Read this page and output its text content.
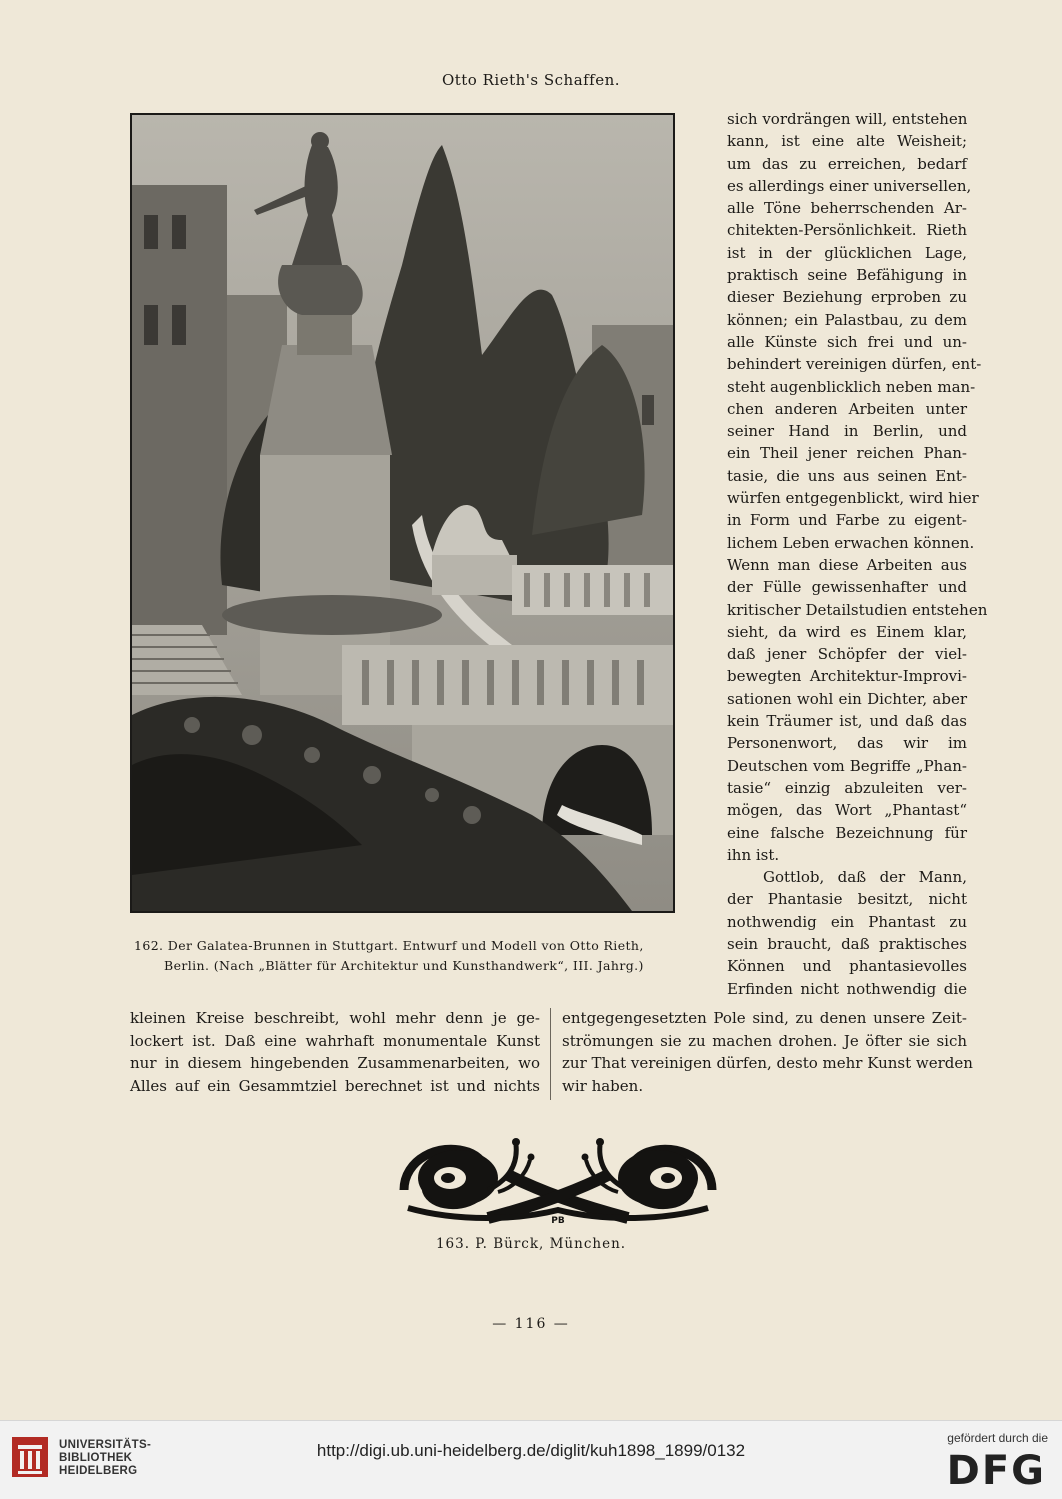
Otto Rieth's Schaffen.
162. Der Galatea-Brunnen in Stuttgart. Entwurf und Modell von Otto Rieth,
Berlin. (Nach „Blätter für Architektur und Kunsthandwerk“, III. Jahrg.)
sich vordrängen will, entstehen
kann, ist eine alte Weisheit;
um das zu erreichen, bedarf
es allerdings einer universellen,
alle Töne beherrschenden Ar-
chitekten-Persönlichkeit. Rieth
ist in der glücklichen Lage,
praktisch seine Befähigung in
dieser Beziehung erproben zu
können; ein Palastbau, zu dem
alle Künste sich frei und un-
behindert vereinigen dürfen, ent-
steht augenblicklich neben man-
chen anderen Arbeiten unter
seiner Hand in Berlin, und
ein Theil jener reichen Phan-
tasie, die uns aus seinen Ent-
würfen entgegenblickt, wird hier
in Form und Farbe zu eigent-
lichem Leben erwachen können.
Wenn man diese Arbeiten aus
der Fülle gewissenhafter und
kritischer Detailstudien entstehen
sieht, da wird es Einem klar,
daß jener Schöpfer der viel-
bewegten Architektur-Improvi-
sationen wohl ein Dichter, aber
kein Träumer ist, und daß das
Personenwort, das wir im
Deutschen vom Begriffe „Phan-
tasie“ einzig abzuleiten ver-
mögen, das Wort „Phantast“
eine falsche Bezeichnung für
ihn ist.
Gottlob, daß der Mann,
der Phantasie besitzt, nicht
nothwendig ein Phantast zu
sein braucht, daß praktisches
Können und phantasievolles
Erfinden nicht nothwendig die
kleinen Kreise beschreibt, wohl mehr denn je ge-
lockert ist. Daß eine wahrhaft monumentale Kunst
nur in diesem hingebenden Zusammenarbeiten, wo
Alles auf ein Gesammtziel berechnet ist und nichts
entgegengesetzten Pole sind, zu denen unsere Zeit-
strömungen sie zu machen drohen. Je öfter sie sich
zur That vereinigen dürfen, desto mehr Kunst werden
wir haben.
PB
163. P. Bürck, München.
— 116 —
UNIVERSITÄTS-
BIBLIOTHEK
HEIDELBERG
http://digi.ub.uni-heidelberg.de/diglit/kuh1898_1899/0132
gefördert durch die
DFG
